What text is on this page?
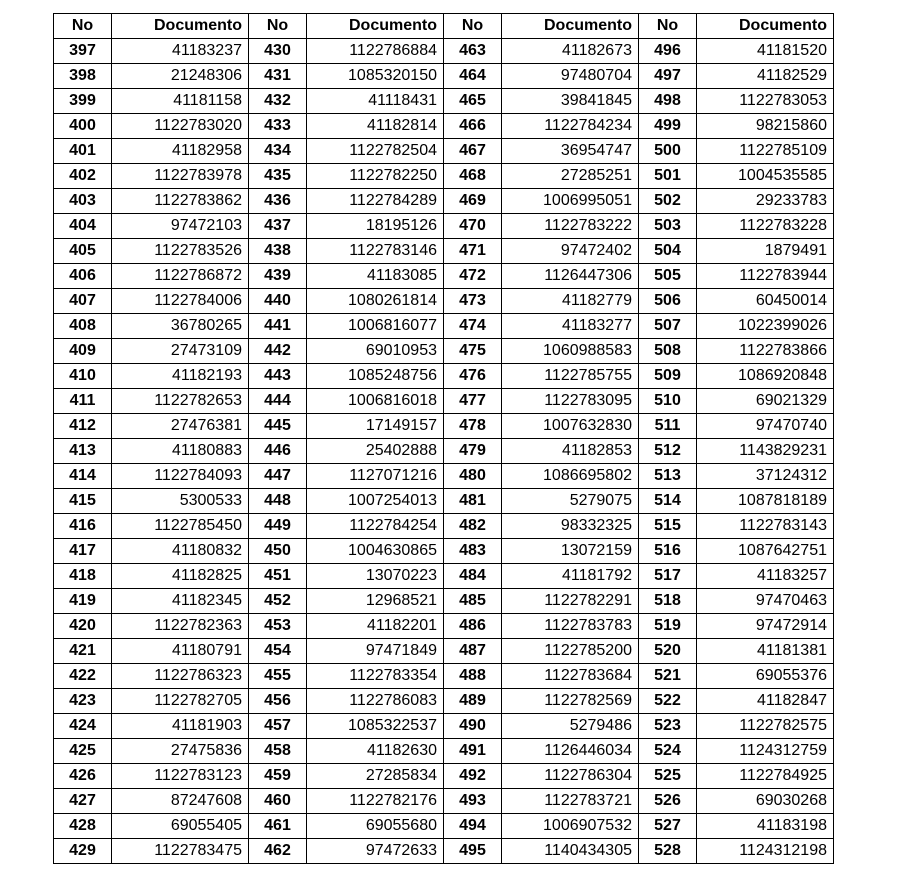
No	Documento	No	Documento	No	Documento	No	Documento
397	41183237	430	1122786884	463	41182673	496	41181520
398	21248306	431	1085320150	464	97480704	497	41182529
399	41181158	432	41118431	465	39841845	498	1122783053
400	1122783020	433	41182814	466	1122784234	499	98215860
401	41182958	434	1122782504	467	36954747	500	1122785109
402	1122783978	435	1122782250	468	27285251	501	1004535585
403	1122783862	436	1122784289	469	1006995051	502	29233783
404	97472103	437	18195126	470	1122783222	503	1122783228
405	1122783526	438	1122783146	471	97472402	504	1879491
406	1122786872	439	41183085	472	1126447306	505	1122783944
407	1122784006	440	1080261814	473	41182779	506	60450014
408	36780265	441	1006816077	474	41183277	507	1022399026
409	27473109	442	69010953	475	1060988583	508	1122783866
410	41182193	443	1085248756	476	1122785755	509	1086920848
411	1122782653	444	1006816018	477	1122783095	510	69021329
412	27476381	445	17149157	478	1007632830	511	97470740
413	41180883	446	25402888	479	41182853	512	1143829231
414	1122784093	447	1127071216	480	1086695802	513	37124312
415	5300533	448	1007254013	481	5279075	514	1087818189
416	1122785450	449	1122784254	482	98332325	515	1122783143
417	41180832	450	1004630865	483	13072159	516	1087642751
418	41182825	451	13070223	484	41181792	517	41183257
419	41182345	452	12968521	485	1122782291	518	97470463
420	1122782363	453	41182201	486	1122783783	519	97472914
421	41180791	454	97471849	487	1122785200	520	41181381
422	1122786323	455	1122783354	488	1122783684	521	69055376
423	1122782705	456	1122786083	489	1122782569	522	41182847
424	41181903	457	1085322537	490	5279486	523	1122782575
425	27475836	458	41182630	491	1126446034	524	1124312759
426	1122783123	459	27285834	492	1122786304	525	1122784925
427	87247608	460	1122782176	493	1122783721	526	69030268
428	69055405	461	69055680	494	1006907532	527	41183198
429	1122783475	462	97472633	495	1140434305	528	1124312198
